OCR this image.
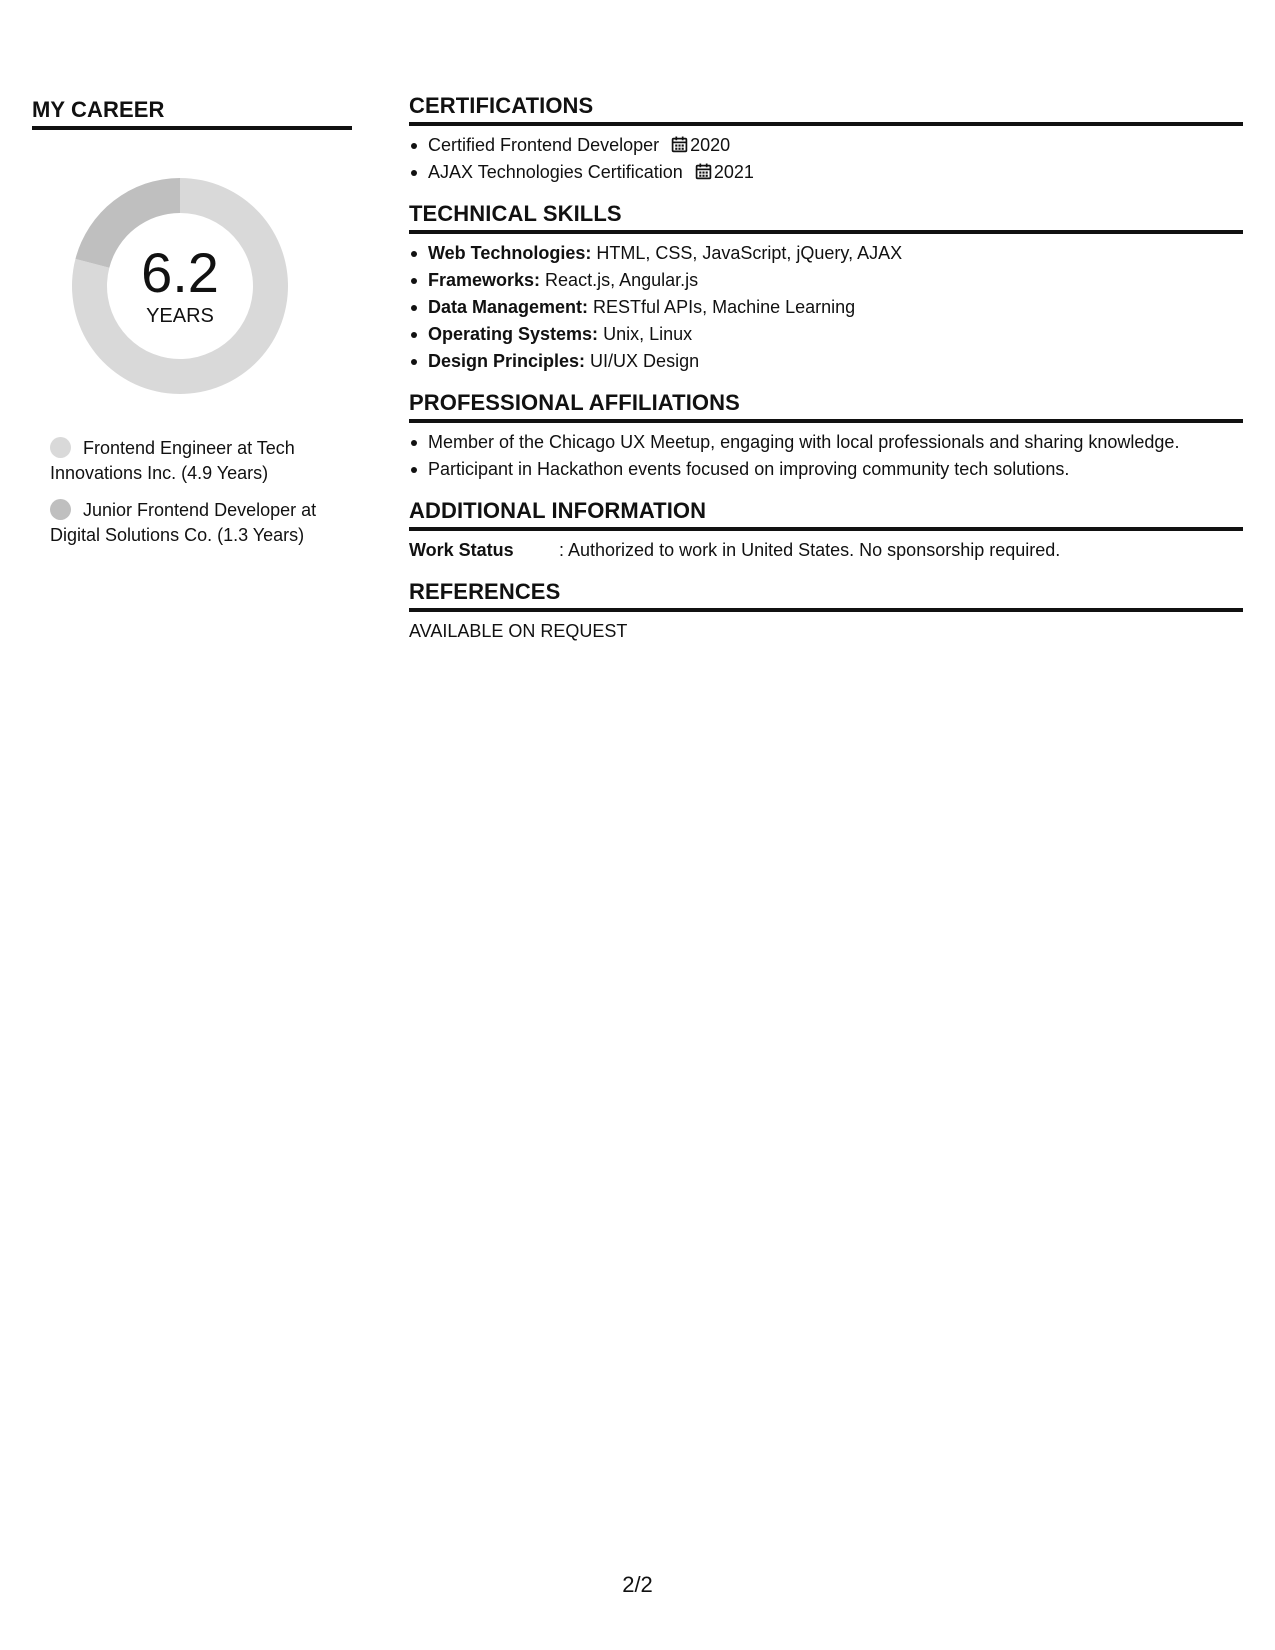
MY CAREER
6.2
YEARS
Frontend Engineer at Tech Innovations Inc. (4.9 Years)
Junior Frontend Developer at Digital Solutions Co. (1.3 Years)
CERTIFICATIONS
Certified Frontend Developer 2020
AJAX Technologies Certification 2021
TECHNICAL SKILLS
Web Technologies: HTML, CSS, JavaScript, jQuery, AJAX
Frameworks: React.js, Angular.js
Data Management: RESTful APIs, Machine Learning
Operating Systems: Unix, Linux
Design Principles: UI/UX Design
PROFESSIONAL AFFILIATIONS
Member of the Chicago UX Meetup, engaging with local professionals and sharing knowledge.
Participant in Hackathon events focused on improving community tech solutions.
ADDITIONAL INFORMATION
Work Status	: Authorized to work in United States. No sponsorship required.
REFERENCES
AVAILABLE ON REQUEST
2/2
